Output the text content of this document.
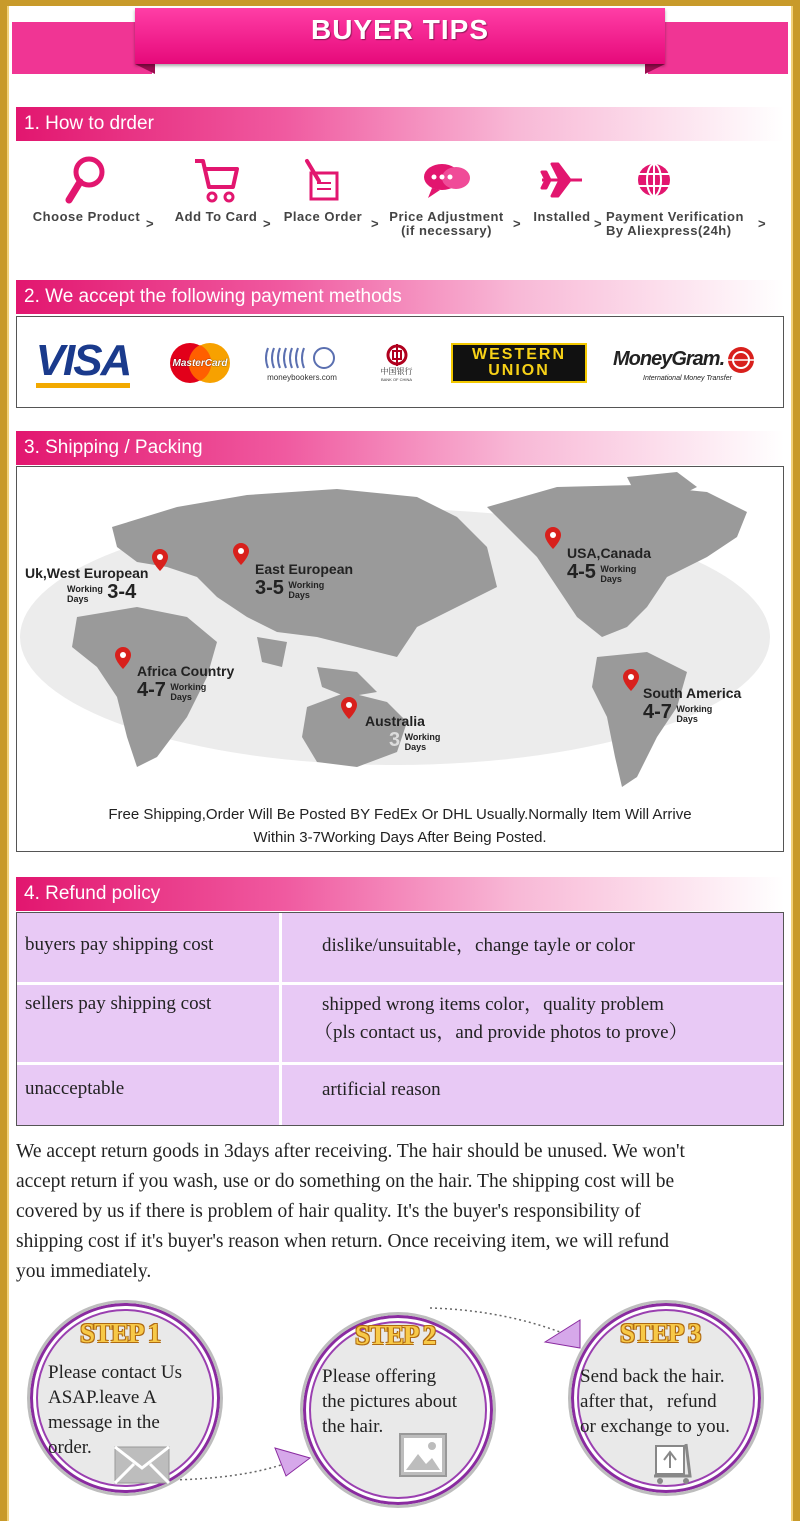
BUYER TIPS
1. How to drder
Choose Product >	Add To Card >	Place Order > Price Adjustment
(if necessary)	> Installed > Payment Verification
By Aliexpress(24h)	>
2. We accept the following payment methods
VISA	MasterCard
moneybookers.com
中国银行
BANK OF CHINA
WESTERN
UNION
MoneyGram.
International Money Transfer
3. Shipping / Packing
Uk,West European
Working
Days 3-4
East European
3-5 Working
Days
USA,Canada
4-5 Working
Days
Africa Country
4-7 Working
Days
Australia
3 Working
Days
South America
4-7 Working
Days
Free Shipping,Order Will Be Posted BY FedEx Or DHL Usually.Normally Item Will Arrive
Within 3-7Working Days After Being Posted.
4. Refund policy
buyers pay shipping cost	dislike/unsuitable，change tayle or color
sellers pay shipping cost	shipped wrong items color，quality problem
（pls contact us，and provide photos to prove）
unacceptable	artificial reason
We accept return goods in 3days after receiving. The hair should be unused. We won't
accept return if you wash, use or do something on the hair. The shipping cost will be
covered by us if there is problem of hair quality. It's the buyer's responsibility of
shipping cost if it's buyer's reason when return. Once receiving item, we will refund
you immediately.
STEP 1
Please contact Us
ASAP.leave A
message in the
order.
STEP 2
Please offering
the pictures about
the hair.
STEP 3
Send back the hair.
after that，refund
or exchange to you.
